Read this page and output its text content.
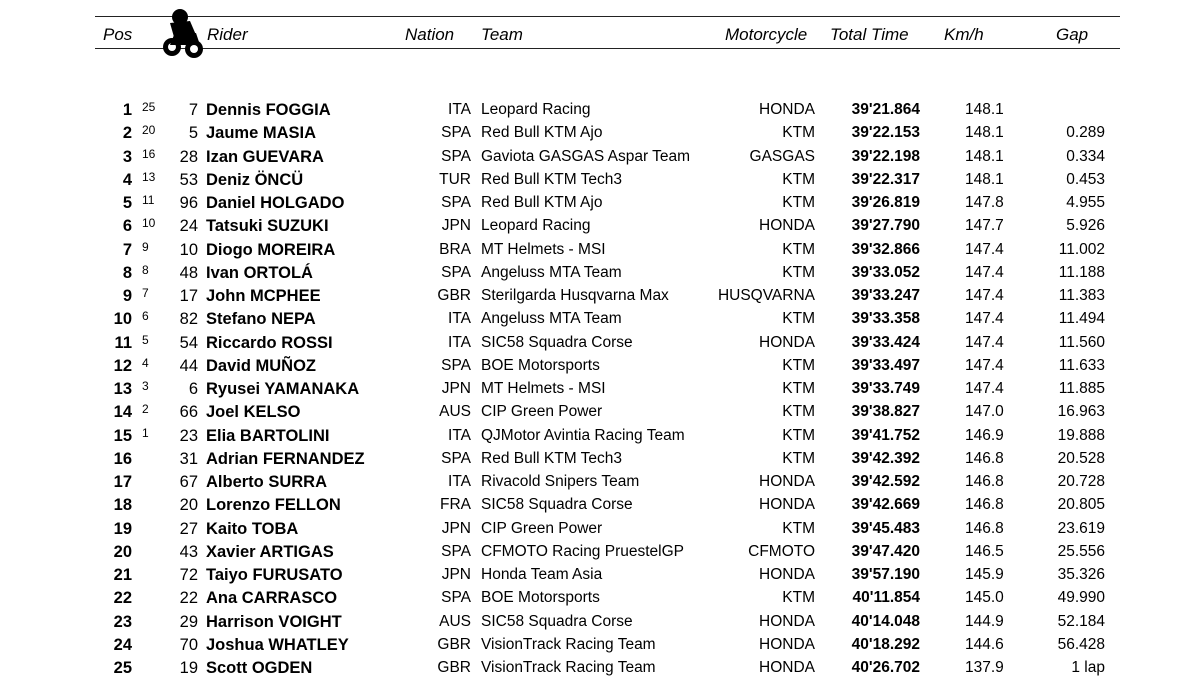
Pos	Rider	Nation Team	Motorcycle Total Time Km/h	Gap
1 25 7 Dennis FOGGIA	ITA Leopard Racing	HONDA 39'21.864	148.1
2 20 5 Jaume MASIA	SPA Red Bull KTM Ajo	KTM 39'22.153	148.1	0.289
3 16 28 Izan GUEVARA	SPA Gaviota GASGAS Aspar Team	GASGAS 39'22.198	148.1	0.334
4 13 53 Deniz ÖNCÜ	TUR Red Bull KTM Tech3	KTM 39'22.317	148.1	0.453
5 11 96 Daniel HOLGADO	SPA Red Bull KTM Ajo	KTM 39'26.819	147.8	4.955
6 10 24 Tatsuki SUZUKI	JPN Leopard Racing	HONDA 39'27.790	147.7	5.926
7 9 10 Diogo MOREIRA	BRA MT Helmets - MSI	KTM 39'32.866	147.4	11.002
8 8 48 Ivan ORTOLÁ	SPA Angeluss MTA Team	KTM 39'33.052	147.4	11.188
9 7 17 John MCPHEE	GBR Sterilgarda Husqvarna Max	HUSQVARNA 39'33.247	147.4	11.383
10 6 82 Stefano NEPA	ITA Angeluss MTA Team	KTM 39'33.358	147.4	11.494
11 5 54 Riccardo ROSSI	ITA SIC58 Squadra Corse	HONDA 39'33.424	147.4	11.560
12 4 44 David MUÑOZ	SPA BOE Motorsports	KTM 39'33.497	147.4	11.633
13 3 6 Ryusei YAMANAKA	JPN MT Helmets - MSI	KTM 39'33.749	147.4	11.885
14 2 66 Joel KELSO	AUS CIP Green Power	KTM 39'38.827	147.0	16.963
15 1 23 Elia BARTOLINI	ITA QJMotor Avintia Racing Team	KTM 39'41.752	146.9	19.888
16	31 Adrian FERNANDEZ	SPA Red Bull KTM Tech3	KTM 39'42.392	146.8	20.528
17	67 Alberto SURRA	ITA Rivacold Snipers Team	HONDA 39'42.592	146.8	20.728
18	20 Lorenzo FELLON	FRA SIC58 Squadra Corse	HONDA 39'42.669	146.8	20.805
19	27 Kaito TOBA	JPN CIP Green Power	KTM 39'45.483	146.8	23.619
20	43 Xavier ARTIGAS	SPA CFMOTO Racing PruestelGP	CFMOTO 39'47.420	146.5	25.556
21	72 Taiyo FURUSATO	JPN Honda Team Asia	HONDA 39'57.190	145.9	35.326
22	22 Ana CARRASCO	SPA BOE Motorsports	KTM 40'11.854	145.0	49.990
23	29 Harrison VOIGHT	AUS SIC58 Squadra Corse	HONDA 40'14.048	144.9	52.184
24	70 Joshua WHATLEY	GBR VisionTrack Racing Team	HONDA 40'18.292	144.6	56.428
25	19 Scott OGDEN	GBR VisionTrack Racing Team	HONDA 40'26.702	137.9	1 lap
